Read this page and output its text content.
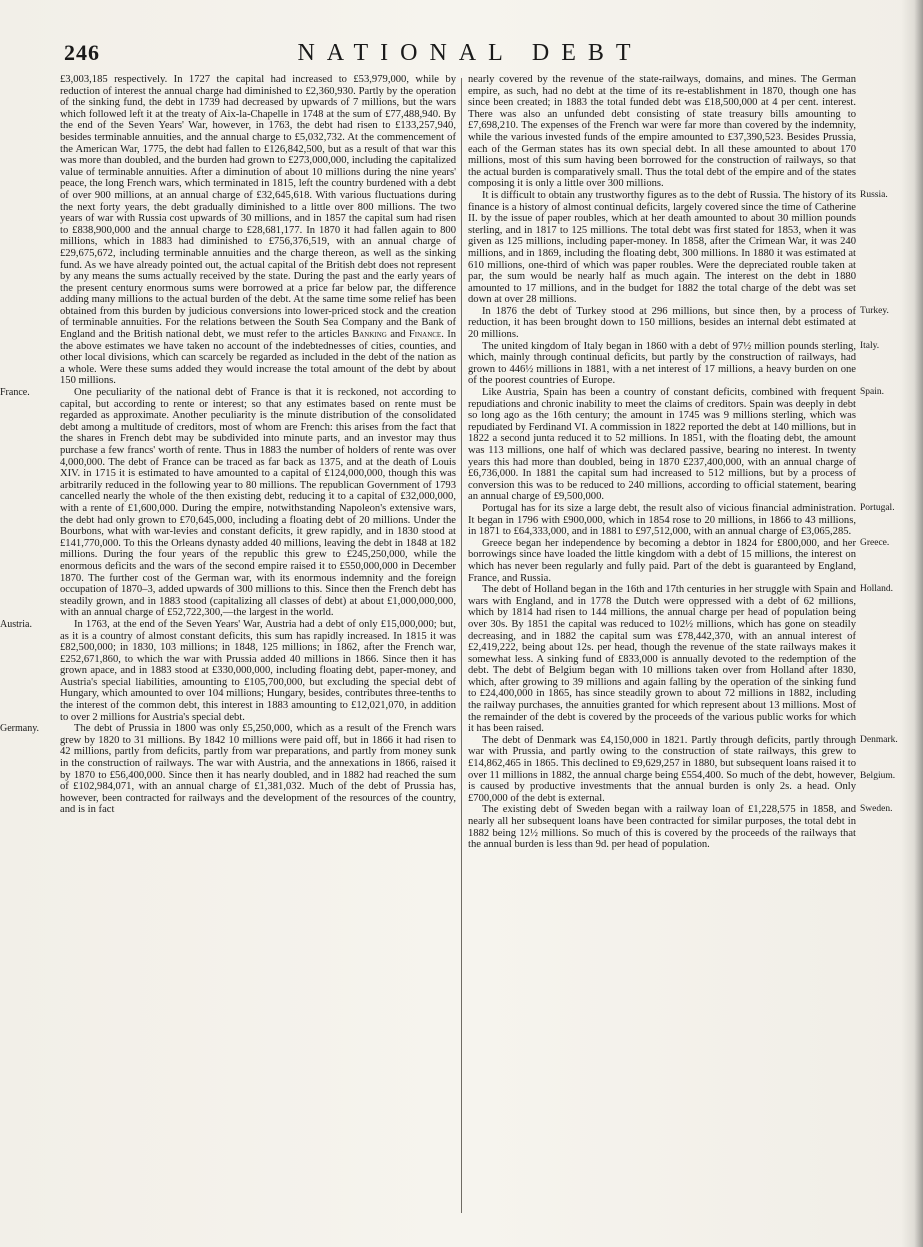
246	NATIONAL DEBT

£3,003,185 respectively. In 1727 the capital had increased to £53,979,000, while by reduction of interest the annual charge had diminished to £2,360,930. Partly by the operation of the sinking fund, the debt in 1739 had decreased by upwards of 7 millions, but the wars which followed left it at the treaty of Aix-la-Chapelle in 1748 at the sum of £77,488,940. By the end of the Seven Years' War, however, in 1763, the debt had risen to £133,257,940, besides terminable annuities, and the annual charge to £5,032,732. At the commencement of the American War, 1775, the debt had fallen to £126,842,500, but as a result of that war this was more than doubled, and the burden had grown to £273,000,000, including the capitalized value of terminable annuities. After a diminution of about 10 millions during the nine years' peace, the long French wars, which terminated in 1815, left the country burdened with a debt of over 900 millions, at an annual charge of £32,645,618. With various fluctuations during the next forty years, the debt gradually diminished to a little over 800 millions. The two years of war with Russia cost upwards of 30 millions, and in 1857 the capital sum had risen to £838,900,000 and the annual charge to £28,681,177. In 1870 it had fallen again to 800 millions, which in 1883 had diminished to £756,376,519, with an annual charge of £29,675,672, including terminable annuities and the charge thereon, as well as the sinking fund. As we have already pointed out, the actual capital of the British debt does not represent by any means the sums actually received by the state. During the past and the early years of the present century enormous sums were borrowed at a price far below par, the difference adding many millions to the actual burden of the debt. At the same time some relief has been obtained from this burden by judicious conversions into lower-priced stock and the creation of terminable annuities. For the relations between the South Sea Company and the Bank of England and the British national debt, we must refer to the articles Banking and Finance. In the above estimates we have taken no account of the indebtednesses of cities, counties, and other local divisions, which can scarcely be regarded as included in the debt of the nation as a whole. Were these sums added they would increase the total amount of the debt by about 150 millions.

France.	One peculiarity of the national debt of France is that it is reckoned, not according to capital, but according to rente or interest; so that any estimates based on rente must be regarded as approximate. Another peculiarity is the minute distribution of the consolidated debt among a multitude of creditors, most of whom are French: this arises from the fact that the shares in French debt may be subdivided into minute parts, and an investor may thus purchase a few francs' worth of rente. Thus in 1883 the number of holders of rente was over 4,000,000. The debt of France can be traced as far back as 1375, and at the death of Louis XIV. in 1715 it is estimated to have amounted to a capital of £124,000,000, though this was arbitrarily reduced in the following year to 80 millions. The republican Government of 1793 cancelled nearly the whole of the then existing debt, reducing it to a capital of £32,000,000, with a rente of £1,600,000. During the empire, notwithstanding Napoleon's extensive wars, the debt had only grown to £70,645,000, including a floating debt of 20 millions. Under the Bourbons, what with war-levies and constant deficits, it grew rapidly, and in 1830 stood at £141,770,000. To this the Orleans dynasty added 40 millions, leaving the debt in 1848 at 182 millions. During the four years of the republic this grew to £245,250,000, while the enormous deficits and the wars of the second empire raised it to £550,000,000 in December 1870. The further cost of the German war, with its enormous indemnity and the foreign occupation of 1870–3, added upwards of 300 millions to this. Since then the French debt has steadily grown, and in 1883 stood (capitalizing all classes of debt) at about £1,000,000,000, with an annual charge of £52,722,300,—the largest in the world.

Austria.	In 1763, at the end of the Seven Years' War, Austria had a debt of only £15,000,000; but, as it is a country of almost constant deficits, this sum has rapidly increased. In 1815 it was £82,500,000; in 1830, 103 millions; in 1848, 125 millions; in 1862, after the French war, £252,671,860, to which the war with Prussia added 40 millions in 1866. Since then it has grown apace, and in 1883 stood at £330,000,000, including floating debt, paper-money, and Austria's special liabilities, amounting to £105,700,000, but excluding the special debt of Hungary, which amounted to over 104 millions; Hungary, besides, contributes three-tenths to the interest of the common debt, this interest in 1883 amounting to £12,021,070, in addition to over 2 millions for Austria's special debt.

Germany.	The debt of Prussia in 1800 was only £5,250,000, which as a result of the French wars grew by 1820 to 31 millions. By 1842 10 millions were paid off, but in 1866 it had risen to 42 millions, partly from deficits, partly from war preparations, and partly from money sunk in the construction of railways. The war with Austria, and the annexations in 1866, raised it by 1870 to £56,400,000. Since then it has nearly doubled, and in 1882 had reached the sum of £102,984,071, with an annual charge of £1,381,032. Much of the debt of Prussia has, however, been contracted for railways and the development of the resources of the country, and is in fact

nearly covered by the revenue of the state-railways, domains, and mines. The German empire, as such, had no debt at the time of its re-establishment in 1870, though one has since been created; in 1883 the total funded debt was £18,500,000 at 4 per cent. interest. There was also an unfunded debt consisting of state treasury bills amounting to £7,698,210. The expenses of the French war were far more than covered by the indemnity, while the various invested funds of the empire amounted to £37,390,523. Besides Prussia, each of the German states has its own special debt. In all these amounted to about 170 millions, most of this sum having been borrowed for the construction of railways, so that the actual burden is comparatively small. Thus the total debt of the empire and of the states composing it is only a little over 300 millions.

Russia.
It is difficult to obtain any trustworthy figures as to the debt of Russia. The history of its finance is a history of almost continual deficits, largely covered since the time of Catherine II. by the issue of paper roubles, which at her death amounted to about 30 million pounds sterling, and in 1817 to 125 millions. The total debt was first stated for 1853, when it was given as 125 millions, including paper-money. In 1858, after the Crimean War, it was 240 millions, and in 1869, including the floating debt, 300 millions. In 1880 it was estimated at 610 millions, one-third of which was paper roubles. Were the depreciated rouble taken at par, the sum would be nearly half as much again. The interest on the debt in 1880 amounted to 17 millions, and in the budget for 1882 the total charge of the debt was set down at over 28 millions.

Turkey.
In 1876 the debt of Turkey stood at 296 millions, but since then, by a process of reduction, it has been brought down to 150 millions, besides an internal debt estimated at 20 millions.

Italy.
The united kingdom of Italy began in 1860 with a debt of 97½ million pounds sterling, which, mainly through continual deficits, but partly by the construction of railways, had grown to 446½ millions in 1881, with a net interest of 17 millions, a heavy burden on one of the poorest countries of Europe.

Spain.
Like Austria, Spain has been a country of constant deficits, combined with frequent repudiations and chronic inability to meet the claims of creditors. Spain was deeply in debt so long ago as the 16th century; the amount in 1745 was 9 millions sterling, which was repudiated by Ferdinand VI. A commission in 1822 reported the debt at 140 millions, but in 1822 a second junta reduced it to 52 millions. In 1851, with the floating debt, the amount was 113 millions, one half of which was declared passive, bearing no interest. In twenty years this had more than doubled, being in 1870 £237,400,000, with an annual charge of £6,736,000. In 1881 the capital sum had increased to 512 millions, but by a process of conversion this was to be reduced to 240 millions, according to official statement, bearing an annual charge of £9,500,000.

Portugal.
Portugal has for its size a large debt, the result also of vicious financial administration. It began in 1796 with £900,000, which in 1854 rose to 20 millions, in 1866 to 43 millions, in 1871 to £64,333,000, and in 1881 to £97,512,000, with an annual charge of £3,065,285.

Greece.
Greece began her independence by becoming a debtor in 1824 for £800,000, and her borrowings since have loaded the little kingdom with a debt of 15 millions, the interest on which has never been regularly and fully paid. Part of the debt is guaranteed by England, France, and Russia.

Holland.
Belgium.
The debt of Holland began in the 16th and 17th centuries in her struggle with Spain and wars with England, and in 1778 the Dutch were oppressed with a debt of 62 millions, which by 1814 had risen to 144 millions, the annual charge per head of population being over 30s. By 1851 the capital was reduced to 102½ millions, which has gone on steadily decreasing, and in 1882 the capital sum was £78,442,370, with an annual interest of £2,419,222, being about 12s. per head, though the revenue of the state railways makes it somewhat less. A sinking fund of £833,000 is annually devoted to the redemption of the debt. The debt of Belgium began with 10 millions taken over from Holland after 1830, which, after growing to 39 millions and again falling by the operation of the sinking fund to £24,400,000 in 1865, has since steadily grown to about 72 millions in 1882, including the railway purchases, the annuities granted for which represent about 13 millions. Most of the remainder of the debt is covered by the proceeds of the various public works for which it has been raised.

Denmark.
The debt of Denmark was £4,150,000 in 1821. Partly through deficits, partly through war with Prussia, and partly owing to the construction of state railways, this grew to £14,862,465 in 1865. This declined to £9,629,257 in 1880, but subsequent loans raised it to over 11 millions in 1882, the annual charge being £554,400. So much of the debt, however, is caused by productive investments that the annual burden is only 2s. a head. Only £700,000 of the debt is external.

Sweden.
The existing debt of Sweden began with a railway loan of £1,228,575 in 1858, and nearly all her subsequent loans have been contracted for similar purposes, the total debt in 1882 being 12½ millions. So much of this is covered by the proceeds of the railways that the annual burden is less than 9d. per head of population.
